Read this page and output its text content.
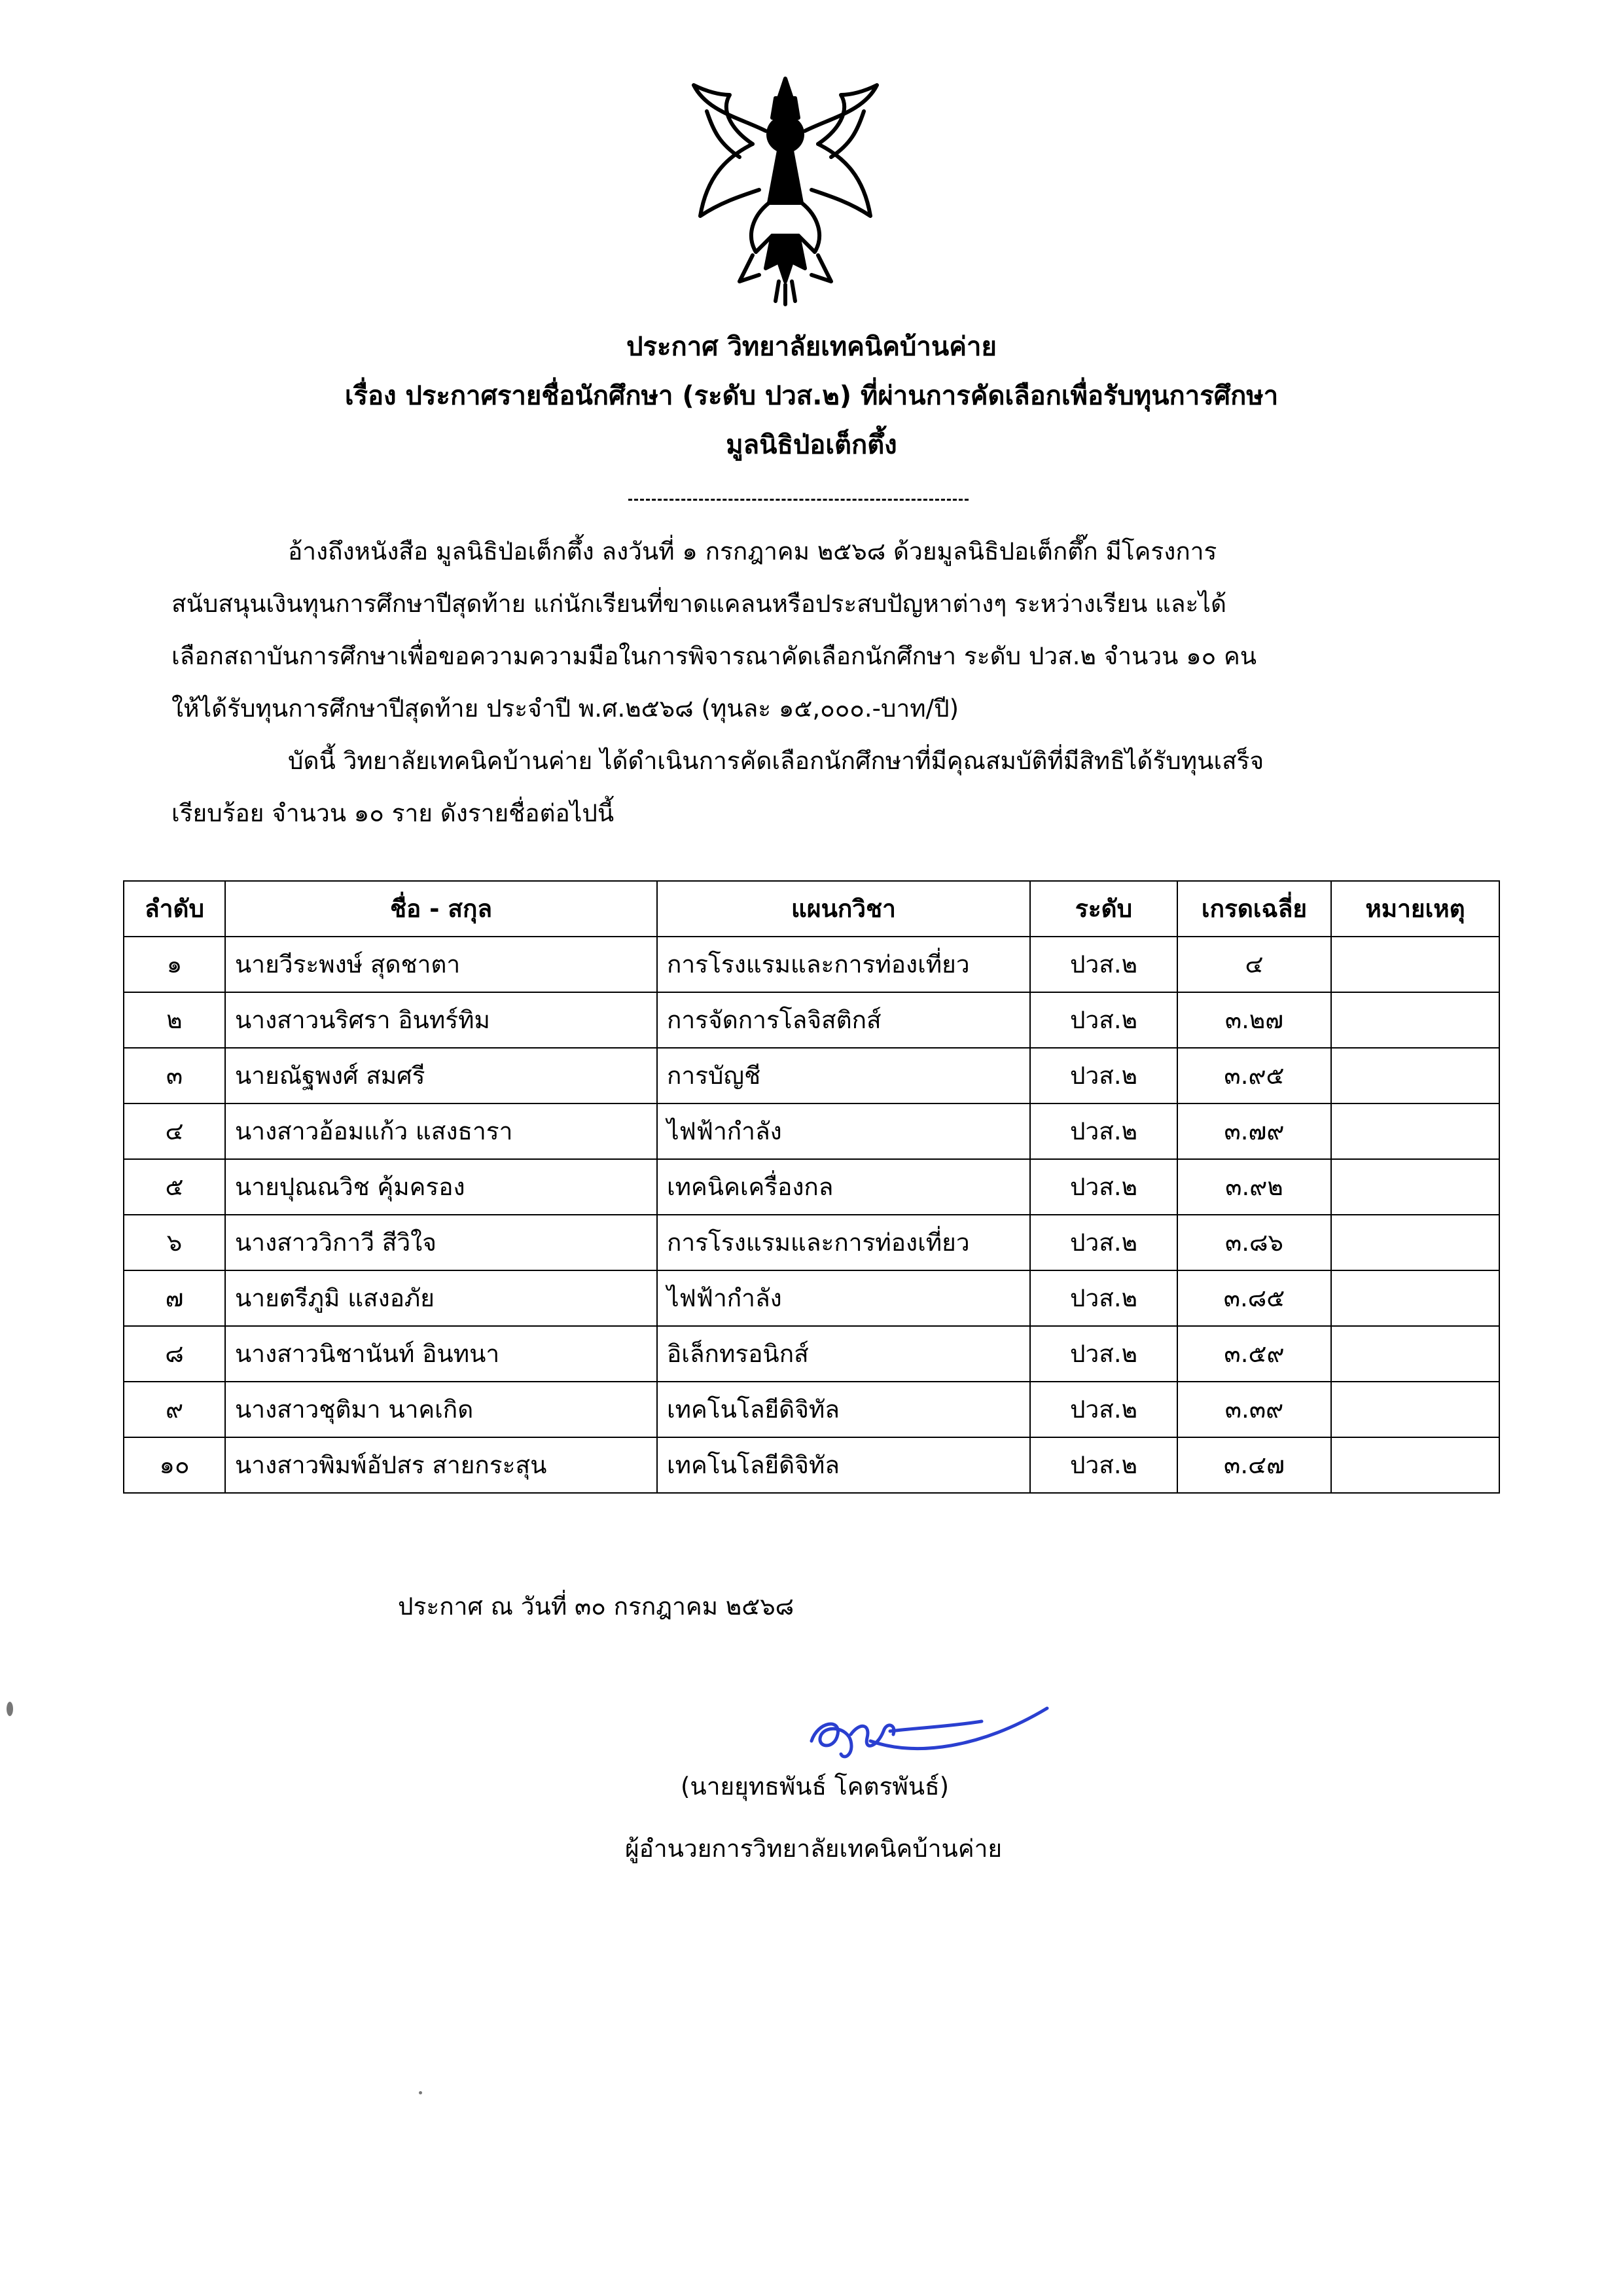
ประกาศ วิทยาลัยเทคนิคบ้านค่าย
เรื่อง ประกาศรายชื่อนักศึกษา (ระดับ ปวส.๒) ที่ผ่านการคัดเลือกเพื่อรับทุนการศึกษา
มูลนิธิป่อเต็กตึ้ง
อ้างถึงหนังสือ มูลนิธิป่อเต็กตึ้ง ลงวันที่ ๑ กรกฎาคม ๒๕๖๘ ด้วยมูลนิธิปอเต็กตึ๊ก มีโครงการ
สนับสนุนเงินทุนการศึกษาปีสุดท้าย แก่นักเรียนที่ขาดแคลนหรือประสบปัญหาต่างๆ ระหว่างเรียน และได้
เลือกสถาบันการศึกษาเพื่อขอความความมือในการพิจารณาคัดเลือกนักศึกษา ระดับ ปวส.๒ จำนวน ๑๐ คน
ให้ได้รับทุนการศึกษาปีสุดท้าย ประจำปี พ.ศ.๒๕๖๘ (ทุนละ ๑๕,๐๐๐.-บาท/ปี)
บัดนี้ วิทยาลัยเทคนิคบ้านค่าย ได้ดำเนินการคัดเลือกนักศึกษาที่มีคุณสมบัติที่มีสิทธิได้รับทุนเสร็จ
เรียบร้อย จำนวน ๑๐ ราย ดังรายชื่อต่อไปนี้
ลำดับ	ชื่อ - สกุล	แผนกวิชา	ระดับ	เกรดเฉลี่ย	หมายเหตุ
๑	นายวีระพงษ์ สุดชาตา	การโรงแรมและการท่องเที่ยว	ปวส.๒	๔	
๒	นางสาวนริศรา อินทร์ทิม	การจัดการโลจิสติกส์	ปวส.๒	๓.๒๗	
๓	นายณัฐพงศ์ สมศรี	การบัญชี	ปวส.๒	๓.๙๕	
๔	นางสาวอ้อมแก้ว แสงธารา	ไฟฟ้ากำลัง	ปวส.๒	๓.๗๙	
๕	นายปุณณวิช คุ้มครอง	เทคนิคเครื่องกล	ปวส.๒	๓.๙๒	
๖	นางสาววิกาวี สีวิใจ	การโรงแรมและการท่องเที่ยว	ปวส.๒	๓.๘๖	
๗	นายตรีภูมิ แสงอภัย	ไฟฟ้ากำลัง	ปวส.๒	๓.๘๕	
๘	นางสาวนิชานันท์ อินทนา	อิเล็กทรอนิกส์	ปวส.๒	๓.๕๙	
๙	นางสาวชุติมา นาคเกิด	เทคโนโลยีดิจิทัล	ปวส.๒	๓.๓๙	
๑๐	นางสาวพิมพ์อัปสร สายกระสุน	เทคโนโลยีดิจิทัล	ปวส.๒	๓.๔๗	
ประกาศ ณ วันที่ ๓๐ กรกฎาคม ๒๕๖๘
(นายยุทธพันธ์ โคตรพันธ์)
ผู้อำนวยการวิทยาลัยเทคนิคบ้านค่าย
